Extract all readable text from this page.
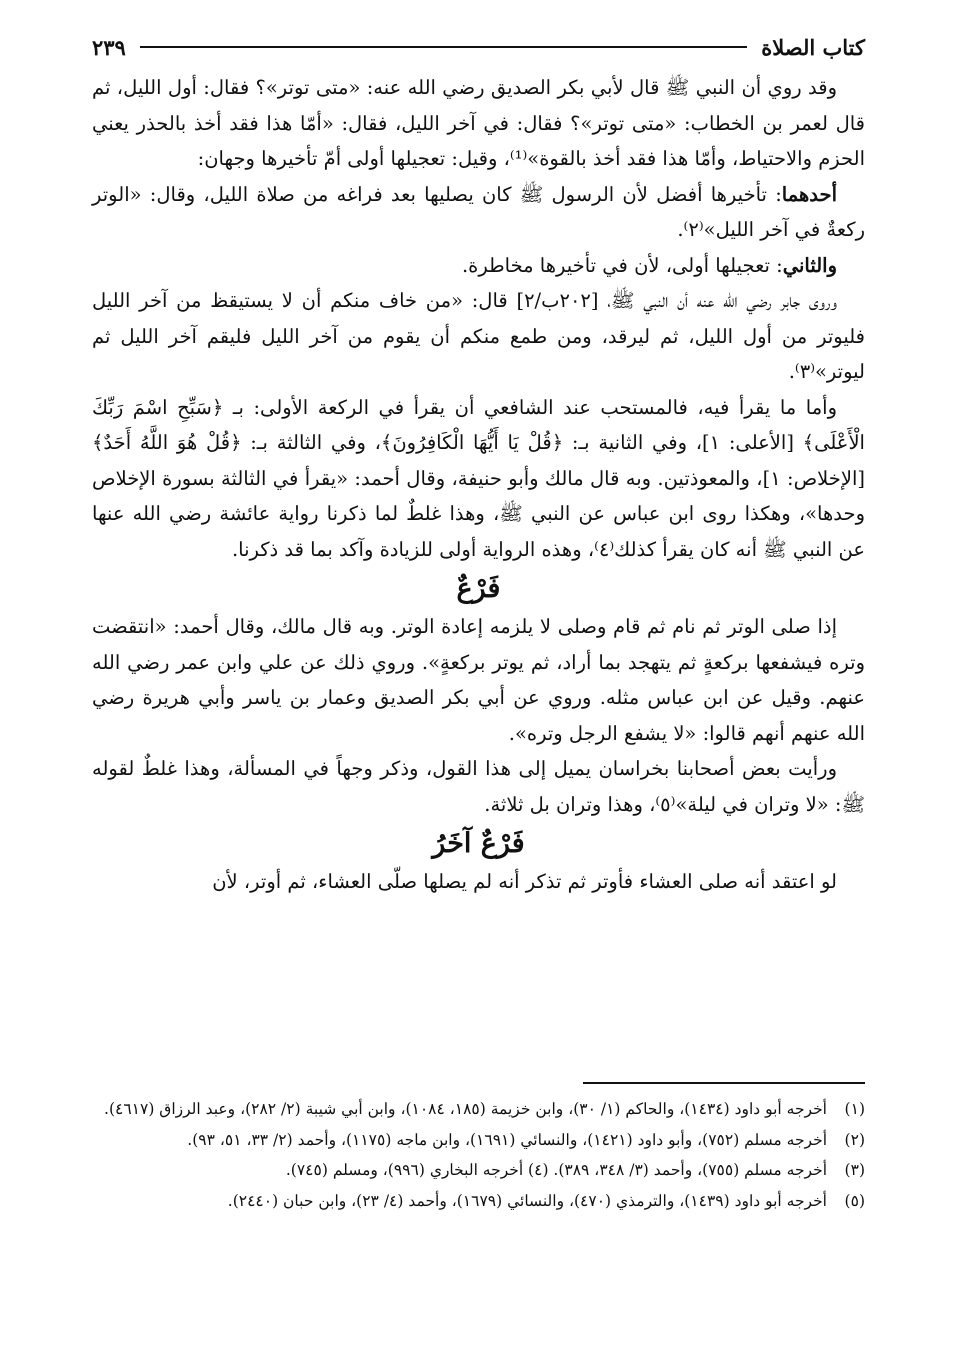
كتاب الصلاة
٢٣٩

وقد روي أن النبي ﷺ قال لأبي بكر الصديق رضي الله عنه: «متى توتر»؟ فقال: أول الليل، ثم قال لعمر بن الخطاب: «متى توتر»؟ فقال: في آخر الليل، فقال: «أمّا هذا فقد أخذ بالحذر يعني الحزم والاحتياط، وأمّا هذا فقد أخذ بالقوة»⁽¹⁾، وقيل: تعجيلها أولى أمّ تأخيرها وجهان:

أحدهما: تأخيرها أفضل لأن الرسول ﷺ كان يصليها بعد فراغه من صلاة الليل، وقال: «الوتر ركعةٌ في آخر الليل»⁽٢⁾.

والثاني: تعجيلها أولى، لأن في تأخيرها مخاطرة.

وروى جابر رضي الله عنه أن النبي ﷺ، [٢٠٢ب/٢] قال: «من خاف منكم أن لا يستيقظ من آخر الليل فليوتر من أول الليل، ثم ليرقد، ومن طمع منكم أن يقوم من آخر الليل فليقم آخر الليل ثم ليوتر»⁽٣⁾.

وأما ما يقرأ فيه، فالمستحب عند الشافعي أن يقرأ في الركعة الأولى: بـ ﴿سَبِّحِ اسْمَ رَبِّكَ الْأَعْلَى﴾ [الأعلى: ١]، وفي الثانية بـ: ﴿قُلْ يَا أَيُّهَا الْكَافِرُونَ﴾، وفي الثالثة بـ: ﴿قُلْ هُوَ اللَّهُ أَحَدٌ﴾ [الإخلاص: ١]، والمعوذتين. وبه قال مالك وأبو حنيفة، وقال أحمد: «يقرأ في الثالثة بسورة الإخلاص وحدها»، وهكذا روى ابن عباس عن النبي ﷺ، وهذا غلطٌ لما ذكرنا رواية عائشة رضي الله عنها عن النبي ﷺ أنه كان يقرأ كذلك⁽٤⁾، وهذه الرواية أولى للزيادة وآكد بما قد ذكرنا.

فَرْعٌ

إذا صلى الوتر ثم نام ثم قام وصلى لا يلزمه إعادة الوتر. وبه قال مالك، وقال أحمد: «انتقضت وتره فيشفعها بركعةٍ ثم يتهجد بما أراد، ثم يوتر بركعةٍ». وروي ذلك عن علي وابن عمر رضي الله عنهم. وقيل عن ابن عباس مثله. وروي عن أبي بكر الصديق وعمار بن ياسر وأبي هريرة رضي الله عنهم أنهم قالوا: «لا يشفع الرجل وتره».

ورأيت بعض أصحابنا بخراسان يميل إلى هذا القول، وذكر وجهاً في المسألة، وهذا غلطٌ لقوله ﷺ: «لا وتران في ليلة»⁽٥⁾، وهذا وتران بل ثلاثة.

فَرْعٌ آخَرُ

لو اعتقد أنه صلى العشاء فأوتر ثم تذكر أنه لم يصلها صلّى العشاء، ثم أوتر، لأن

(١)
أخرجه أبو داود (١٤٣٤)، والحاكم (١/ ٣٠)، وابن خزيمة (١٨٥، ١٠٨٤)، وابن أبي شيبة (٢/ ٢٨٢)، وعبد الرزاق (٤٦١٧).
(٢)
أخرجه مسلم (٧٥٢)، وأبو داود (١٤٢١)، والنسائي (١٦٩١)، وابن ماجه (١١٧٥)، وأحمد (٢/ ٣٣، ٥١، ٩٣).
(٣)
أخرجه مسلم (٧٥٥)، وأحمد (٣/ ٣٤٨، ٣٨٩). (٤) أخرجه البخاري (٩٩٦)، ومسلم (٧٤٥).
(٥)
أخرجه أبو داود (١٤٣٩)، والترمذي (٤٧٠)، والنسائي (١٦٧٩)، وأحمد (٤/ ٢٣)، وابن حبان (٢٤٤٠).
